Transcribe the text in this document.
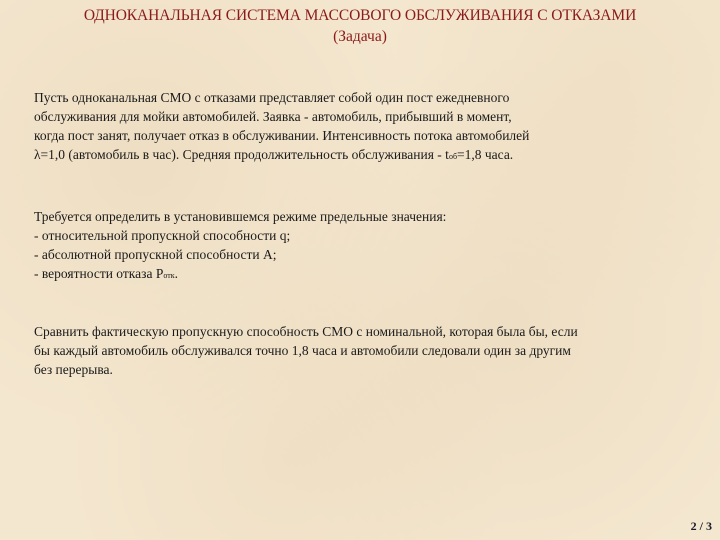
ОДНОКАНАЛЬНАЯ СИСТЕМА МАССОВОГО ОБСЛУЖИВАНИЯ С ОТКАЗАМИ
(Задача)

Пусть одноканальная СМО с отказами представляет собой один пост ежедневного

обслуживания для мойки автомобилей. Заявка - автомобиль, прибывший в момент,

когда пост занят, получает отказ в обслуживании. Интенсивность потока автомобилей

λ=1,0 (автомобиль в час). Средняя продолжительность обслуживания - tоб=1,8 часа.

Требуется определить в установившемся режиме предельные значения:

- относительной пропускной способности q;

- абсолютной пропускной способности А;

- вероятности отказа Pотк.

Сравнить фактическую пропускную способность СМО с номинальной, которая была бы, если

бы каждый автомобиль обслуживался точно 1,8 часа и автомобили следовали один за другим

без перерыва.

2 / 3
